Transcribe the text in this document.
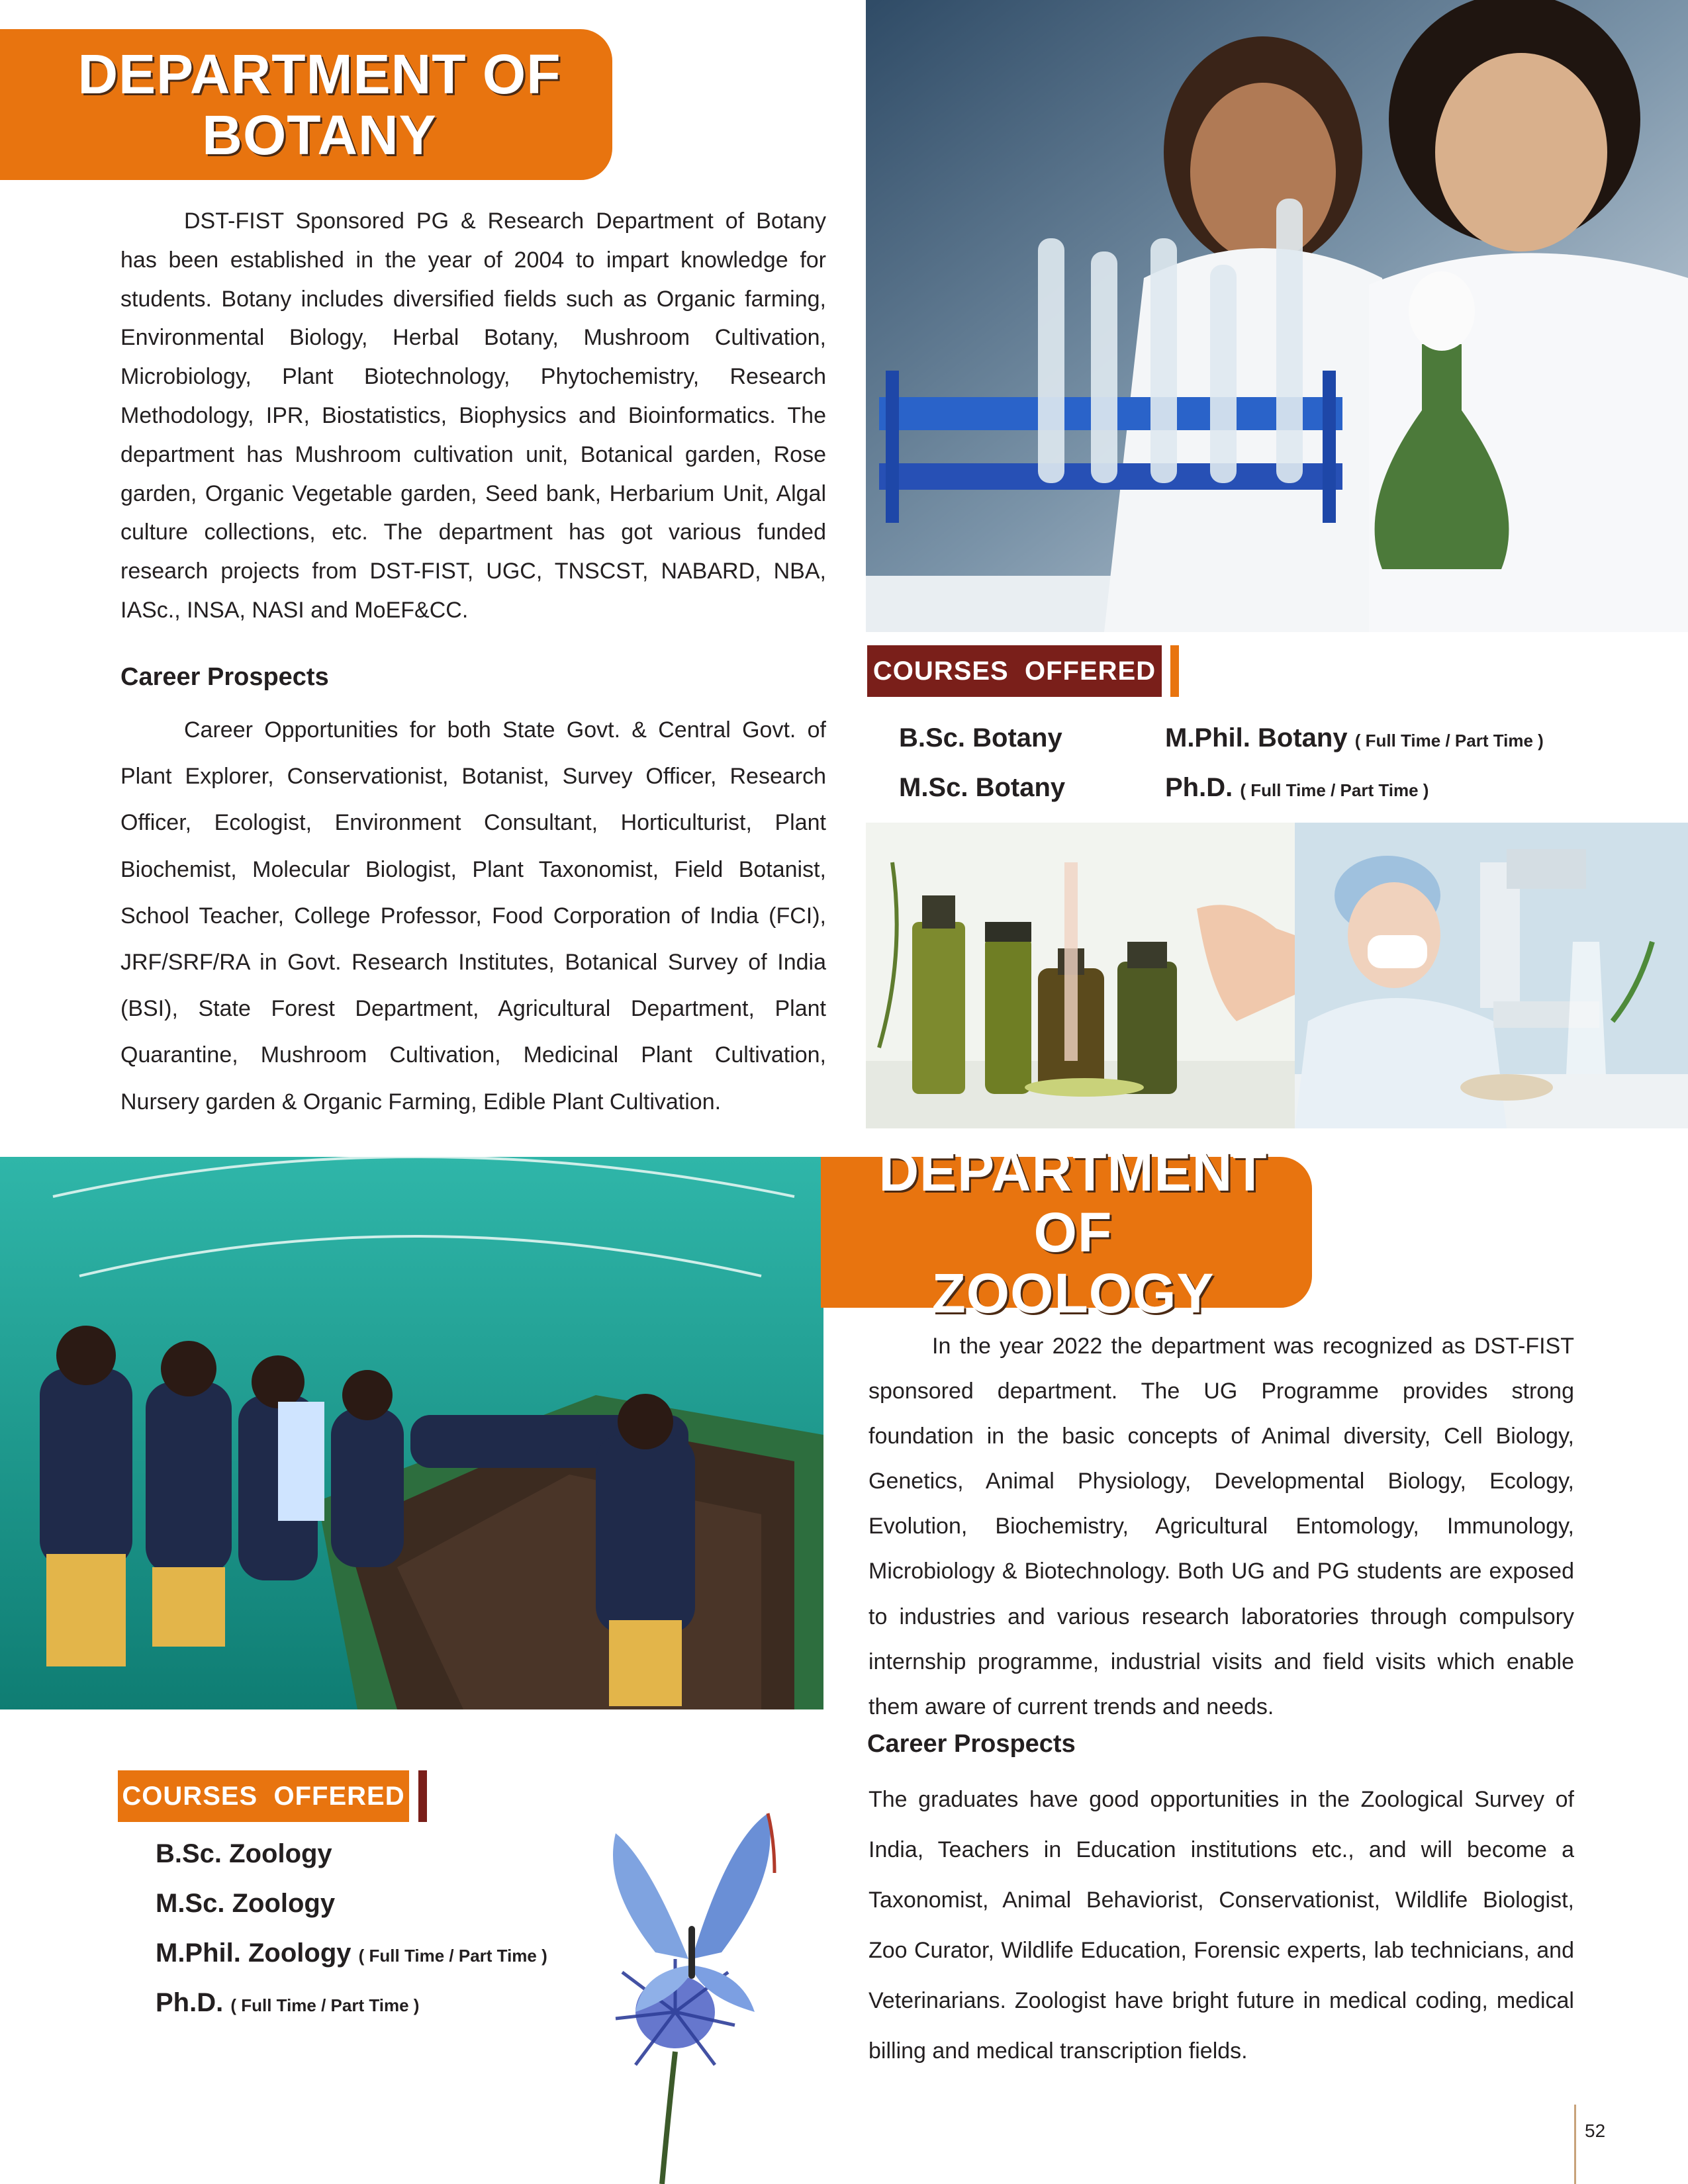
DEPARTMENT OF
BOTANY

DST-FIST Sponsored PG & Research Department of Botany has been established in the year of 2004 to impart knowledge for students. Botany includes diversified fields such as Organic farming, Environmental Biology, Herbal Botany, Mushroom Cultivation, Microbiology, Plant Biotechnology, Phytochemistry, Research Methodology, IPR, Biostatistics, Biophysics and Bioinformatics. The department has Mushroom cultivation unit, Botanical garden, Rose garden, Organic Vegetable garden, Seed bank, Herbarium Unit, Algal culture collections, etc. The department has got various funded research projects from DST-FIST, UGC, TNSCST, NABARD, NBA, IASc., INSA, NASI and MoEF&CC.

Career Prospects

Career Opportunities for both State Govt. & Central Govt. of Plant Explorer, Conservationist, Botanist, Survey Officer, Research Officer, Ecologist, Environment Consultant, Horticulturist, Plant Biochemist, Molecular Biologist, Plant Taxonomist, Field Botanist, School Teacher, College Professor, Food Corporation of India (FCI), JRF/SRF/RA in Govt. Research Institutes, Botanical Survey of India (BSI), State Forest Department, Agricultural Department, Plant Quarantine, Mushroom Cultivation, Medicinal Plant Cultivation, Nursery garden & Organic Farming, Edible Plant Cultivation.

COURSES  OFFERED
B.Sc. Botany
M.Sc. Botany
M.Phil. Botany ( Full Time / Part Time )
Ph.D. ( Full Time / Part Time )
DEPARTMENT OF
ZOOLOGY

In the year 2022 the department was recognized as DST-FIST sponsored department. The UG Programme provides strong foundation in the basic concepts of Animal diversity, Cell Biology, Genetics, Animal Physiology, Developmental Biology, Ecology, Evolution, Biochemistry, Agricultural Entomology, Immunology, Microbiology & Biotechnology. Both UG and PG students are exposed to industries and various research laboratories through compulsory internship programme, industrial visits and field visits which enable them aware of current trends and needs.

Career Prospects

The graduates have good opportunities in the Zoological Survey of India, Teachers in Education institutions etc., and will become a Taxonomist, Animal Behaviorist, Conservationist, Wildlife Biologist, Zoo Curator, Wildlife Education, Forensic experts, lab technicians, and Veterinarians. Zoologist have bright future in medical coding, medical billing and medical transcription fields.

COURSES  OFFERED
B.Sc. Zoology
M.Sc. Zoology
M.Phil. Zoology ( Full Time / Part Time )
Ph.D. ( Full Time / Part Time )
52
